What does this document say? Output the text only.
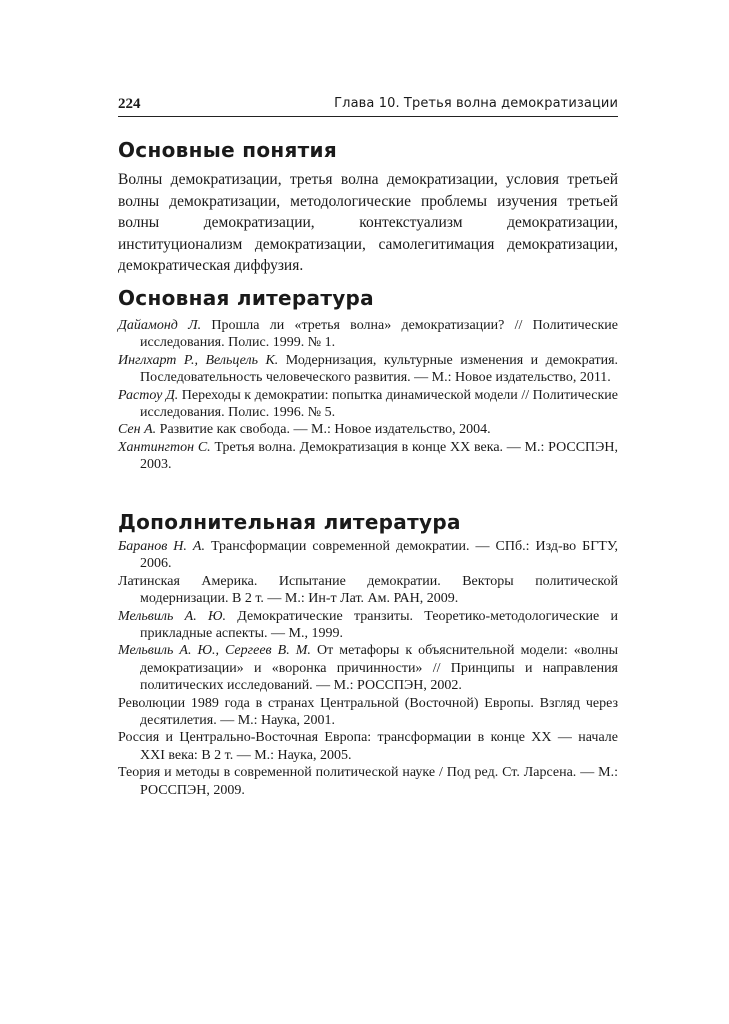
224	Глава 10. Третья волна демократизации
Основные понятия

Волны демократизации, третья волна демократизации, условия третьей волны демократизации, методологические проблемы изучения третьей волны демократизации, контекстуализм демократизации, институционализм демократизации, самолегитимация демократизации, демократическая диффузия.

Основная литература
Дайамонд Л. Прошла ли «третья волна» демократизации? // Политические исследования. Полис. 1999. № 1.
Инглхарт Р., Вельцель К. Модернизация, культурные изменения и демократия. Последовательность человеческого развития. — М.: Новое издательство, 2011.
Растоу Д. Переходы к демократии: попытка динамической модели // Политические исследования. Полис. 1996. № 5.
Сен А. Развитие как свобода. — М.: Новое издательство, 2004.
Хантингтон С. Третья волна. Демократизация в конце XX века. — М.: РОССПЭН, 2003.
Дополнительная литература
Баранов Н. А. Трансформации современной демократии. — СПб.: Изд-во БГТУ, 2006.
Латинская Америка. Испытание демократии. Векторы политической модернизации. В 2 т. — М.: Ин-т Лат. Ам. РАН, 2009.
Мельвиль А. Ю. Демократические транзиты. Теоретико-методологические и прикладные аспекты. — М., 1999.
Мельвиль А. Ю., Сергеев В. М. От метафоры к объяснительной модели: «волны демократизации» и «воронка причинности» // Принципы и направления политических исследований. — М.: РОССПЭН, 2002.
Революции 1989 года в странах Центральной (Восточной) Европы. Взгляд через десятилетия. — М.: Наука, 2001.
Россия и Центрально-Восточная Европа: трансформации в конце XX — начале XXI века: В 2 т. — М.: Наука, 2005.
Теория и методы в современной политической науке / Под ред. Ст. Ларсена. — М.: РОССПЭН, 2009.
